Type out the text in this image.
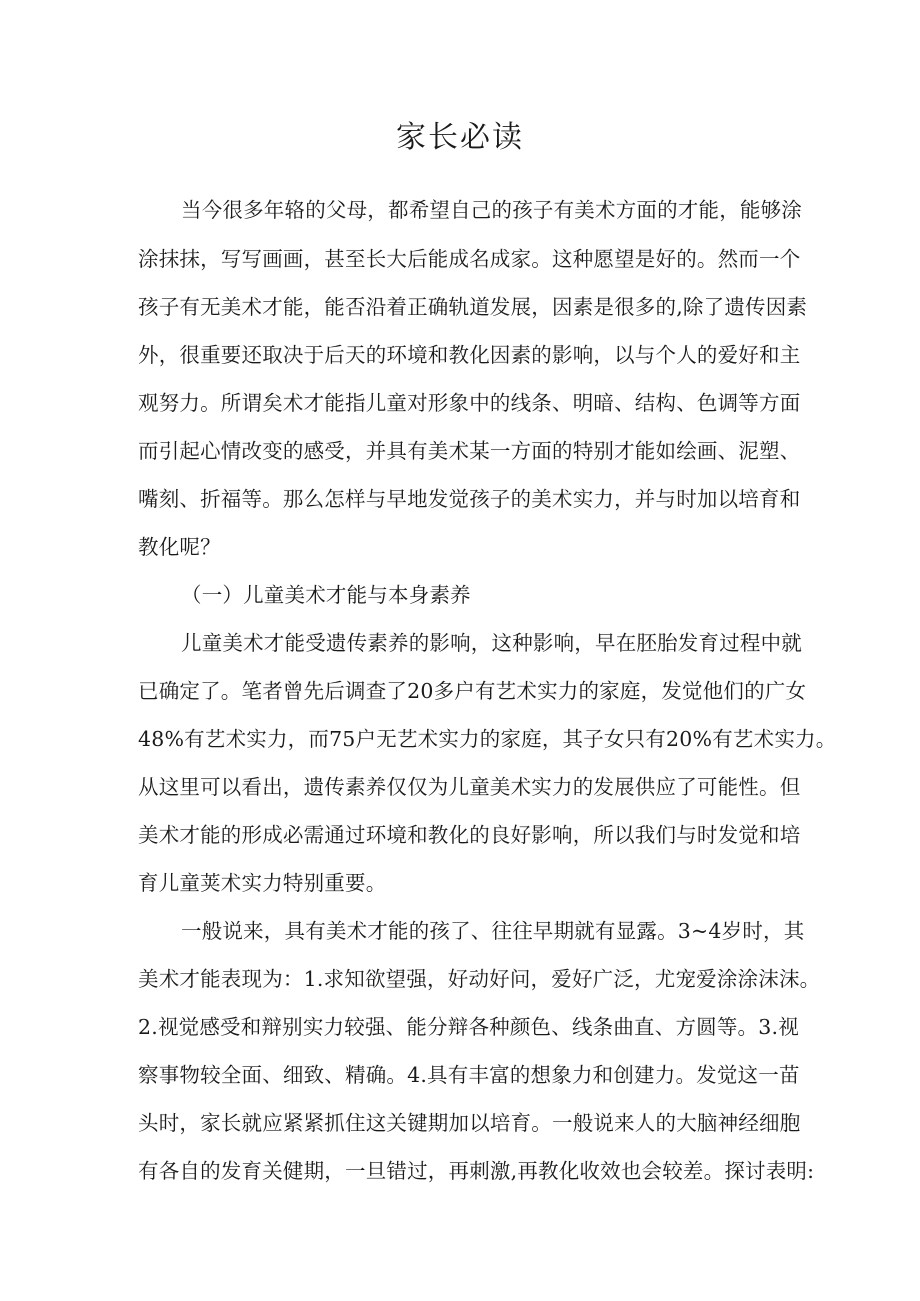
家长必读
当今很多年辂的父母，都希望自己的孩子有美术方面的才能，能够涂
涂抹抹，写写画画，甚至长大后能成名成家。这种愿望是好的。然而一个
孩子有无美术才能，能否沿着正确轨道发展，因素是很多的,除了遗传因素
外，很重要还取决于后天的环境和教化因素的影响，以与个人的爱好和主
观努力。所谓矣术才能指儿童对形象中的线条、明暗、结构、色调等方面
而引起心情改变的感受，并具有美术某一方面的特别才能如绘画、泥塑、
嘴刻、折福等。那么怎样与早地发觉孩子的美术实力，并与时加以培育和
教化呢？
（一）儿童美术才能与本身素养
儿童美术才能受遗传素养的影响，这种影响，早在胚胎发育过程中就
已确定了。笔者曾先后调查了20多户有艺术实力的家庭，发觉他们的广女
48%有艺术实力，而75户无艺术实力的家庭，其子女只有20%有艺术实力。
从这里可以看出，遗传素养仅仅为儿童美术实力的发展供应了可能性。但
美术才能的形成必需通过环境和教化的良好影响，所以我们与时发觉和培
育儿童荚术实力特别重要。
一般说来，具有美术才能的孩了、往往早期就有显露。3~4岁时，其
美术才能表现为：1.求知欲望强，好动好问，爱好广泛，尤宠爱涂涂沫沫。
2.视觉感受和辩别实力较强、能分辩各种颜色、线条曲直、方圆等。3.视
察事物较全面、细致、精确。4.具有丰富的想象力和创建力。发觉这一苗
头时，家长就应紧紧抓住这关键期加以培育。一般说来人的大脑神经细胞
有各自的发育关健期，一旦错过，再刺激,再教化收效也会较差。探讨表明:
